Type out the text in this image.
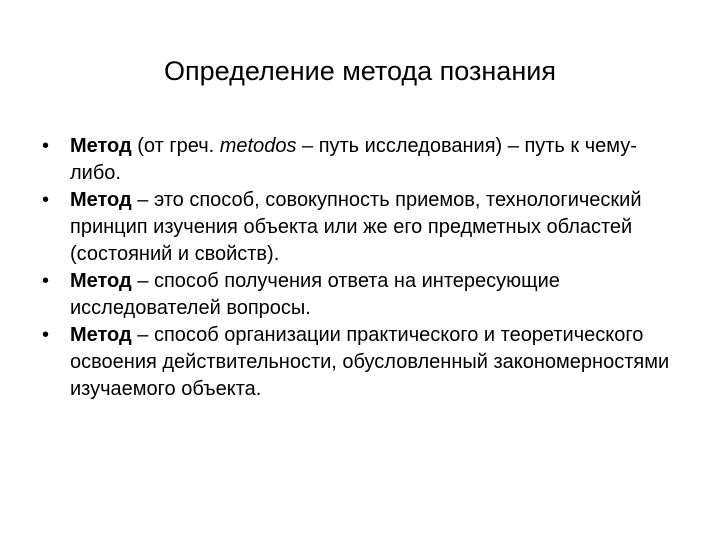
Определение метода познания
•	Метод (от греч. metodos – путь исследования) – путь к чему-либо.
•	Метод – это способ, совокупность приемов, технологический принцип изучения объекта или же его предметных областей (состояний и свойств).
•	Метод – способ получения ответа на интересующие исследователей вопросы.
•	Метод – способ организации практического и теоретического освоения действительности, обусловленный закономерностями изучаемого объекта.
